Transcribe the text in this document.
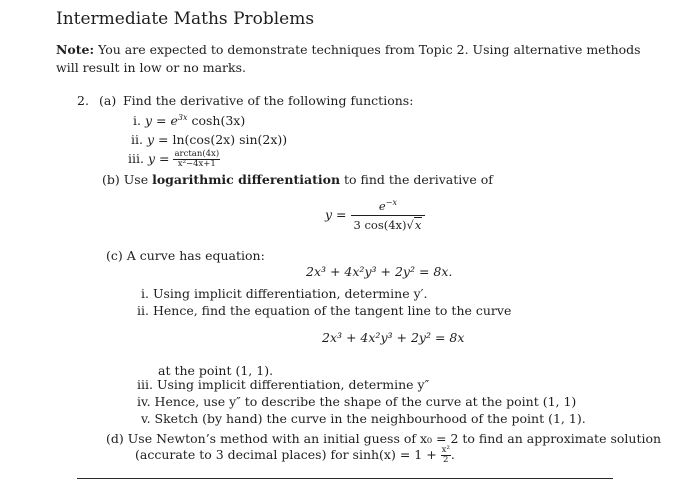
Intermediate Maths Problems
Note: You are expected to demonstrate techniques from Topic 2. Using alternative methods will result in low or no marks.
2. (a) Find the derivative of the following functions:
i. $y = e^{3x}$ cosh(3x)
ii. y = ln(cos(2x) sin(2x))
iii. $y = \frac{\arctan(4x)}{\text{x²−4x+1}}$
(b) Use logarithmic differentiation to find the derivative of
$y = \frac{e^{-x}}{3 \cos(4x)√x}$
(c) A curve has equation:
2x³ + 4x²y³ + 2y² = 8x.
i. Using implicit differentiation, determine y′.
ii. Hence, find the equation of the tangent line to the curve
2x³ + 4x²y³ + 2y² = 8x
at the point (1, 1).
iii. Using implicit differentiation, determine y″
iv. Hence, use y″ to describe the shape of the curve at the point (1, 1)
v. Sketch (by hand) the curve in the neighbourhood of the point (1, 1).
(d) Use Newton’s method with an initial guess of x₀ = 2 to find an approximate solution
(accurate to 3 decimal places) for $\sinh(x) = 1 + \frac{\text{x²}}{2}$ .
